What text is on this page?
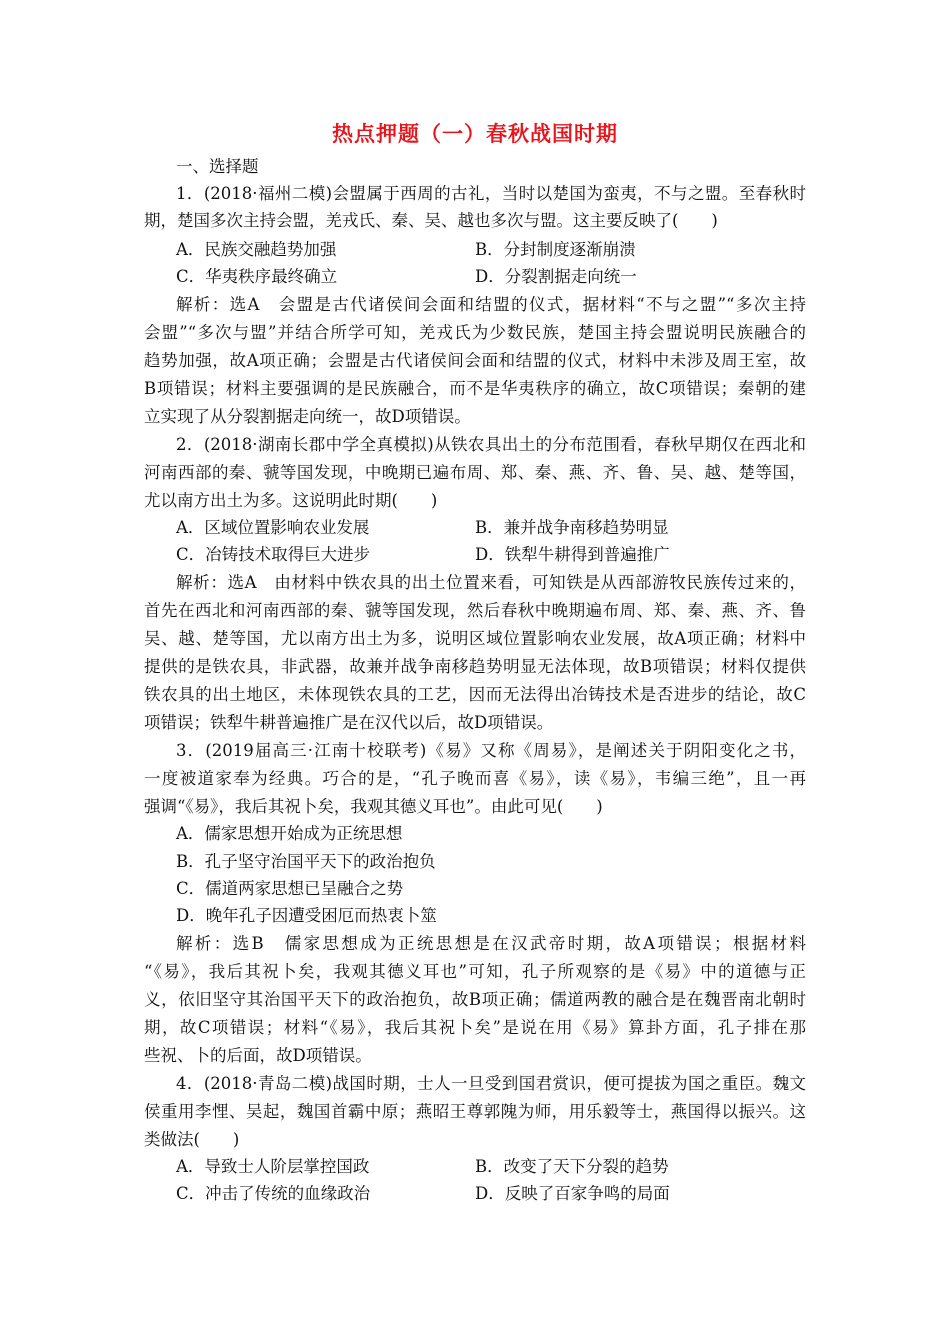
热点押题（一）春秋战国时期
一、选择题
1．(2018·福州二模)会盟属于西周的古礼，当时以楚国为蛮夷，不与之盟。至春秋时
期，楚国多次主持会盟，羌戎氏、秦、吴、越也多次与盟。这主要反映了(　　)
A．民族交融趋势加强	B．分封制度逐渐崩溃
C．华夷秩序最终确立	D．分裂割据走向统一
解析：选A　会盟是古代诸侯间会面和结盟的仪式，据材料“不与之盟”“多次主持
会盟”“多次与盟”并结合所学可知，羌戎氏为少数民族，楚国主持会盟说明民族融合的
趋势加强，故A项正确；会盟是古代诸侯间会面和结盟的仪式，材料中未涉及周王室，故
B项错误；材料主要强调的是民族融合，而不是华夷秩序的确立，故C项错误；秦朝的建
立实现了从分裂割据走向统一，故D项错误。
2．(2018·湖南长郡中学全真模拟)从铁农具出土的分布范围看，春秋早期仅在西北和
河南西部的秦、虢等国发现，中晚期已遍布周、郑、秦、燕、齐、鲁、吴、越、楚等国，
尤以南方出土为多。这说明此时期(　　)
A．区域位置影响农业发展	B．兼并战争南移趋势明显
C．冶铸技术取得巨大进步	D．铁犁牛耕得到普遍推广
解析：选A　由材料中铁农具的出土位置来看，可知铁是从西部游牧民族传过来的，
首先在西北和河南西部的秦、虢等国发现，然后春秋中晚期遍布周、郑、秦、燕、齐、鲁
吴、越、楚等国，尤以南方出土为多，说明区域位置影响农业发展，故A项正确；材料中
提供的是铁农具，非武器，故兼并战争南移趋势明显无法体现，故B项错误；材料仅提供
铁农具的出土地区，未体现铁农具的工艺，因而无法得出冶铸技术是否进步的结论，故C
项错误；铁犁牛耕普遍推广是在汉代以后，故D项错误。
3．(2019届高三·江南十校联考)《易》又称《周易》，是阐述关于阴阳变化之书，
一度被道家奉为经典。巧合的是，“孔子晚而喜《易》，读《易》，韦编三绝”，且一再
强调“《易》，我后其祝卜矣，我观其德义耳也”。由此可见(　　)
A．儒家思想开始成为正统思想
B．孔子坚守治国平天下的政治抱负
C．儒道两家思想已呈融合之势
D．晚年孔子因遭受困厄而热衷卜筮
解析：选B　儒家思想成为正统思想是在汉武帝时期，故A项错误；根据材料
“《易》，我后其祝卜矣，我观其德义耳也”可知，孔子所观察的是《易》中的道德与正
义，依旧坚守其治国平天下的政治抱负，故B项正确；儒道两教的融合是在魏晋南北朝时
期，故C项错误；材料“《易》，我后其祝卜矣”是说在用《易》算卦方面，孔子排在那
些祝、卜的后面，故D项错误。
4．(2018·青岛二模)战国时期，士人一旦受到国君赏识，便可提拔为国之重臣。魏文
侯重用李悝、吴起，魏国首霸中原；燕昭王尊郭隗为师，用乐毅等士，燕国得以振兴。这
类做法(　　)
A．导致士人阶层掌控国政	B．改变了天下分裂的趋势
C．冲击了传统的血缘政治	D．反映了百家争鸣的局面
